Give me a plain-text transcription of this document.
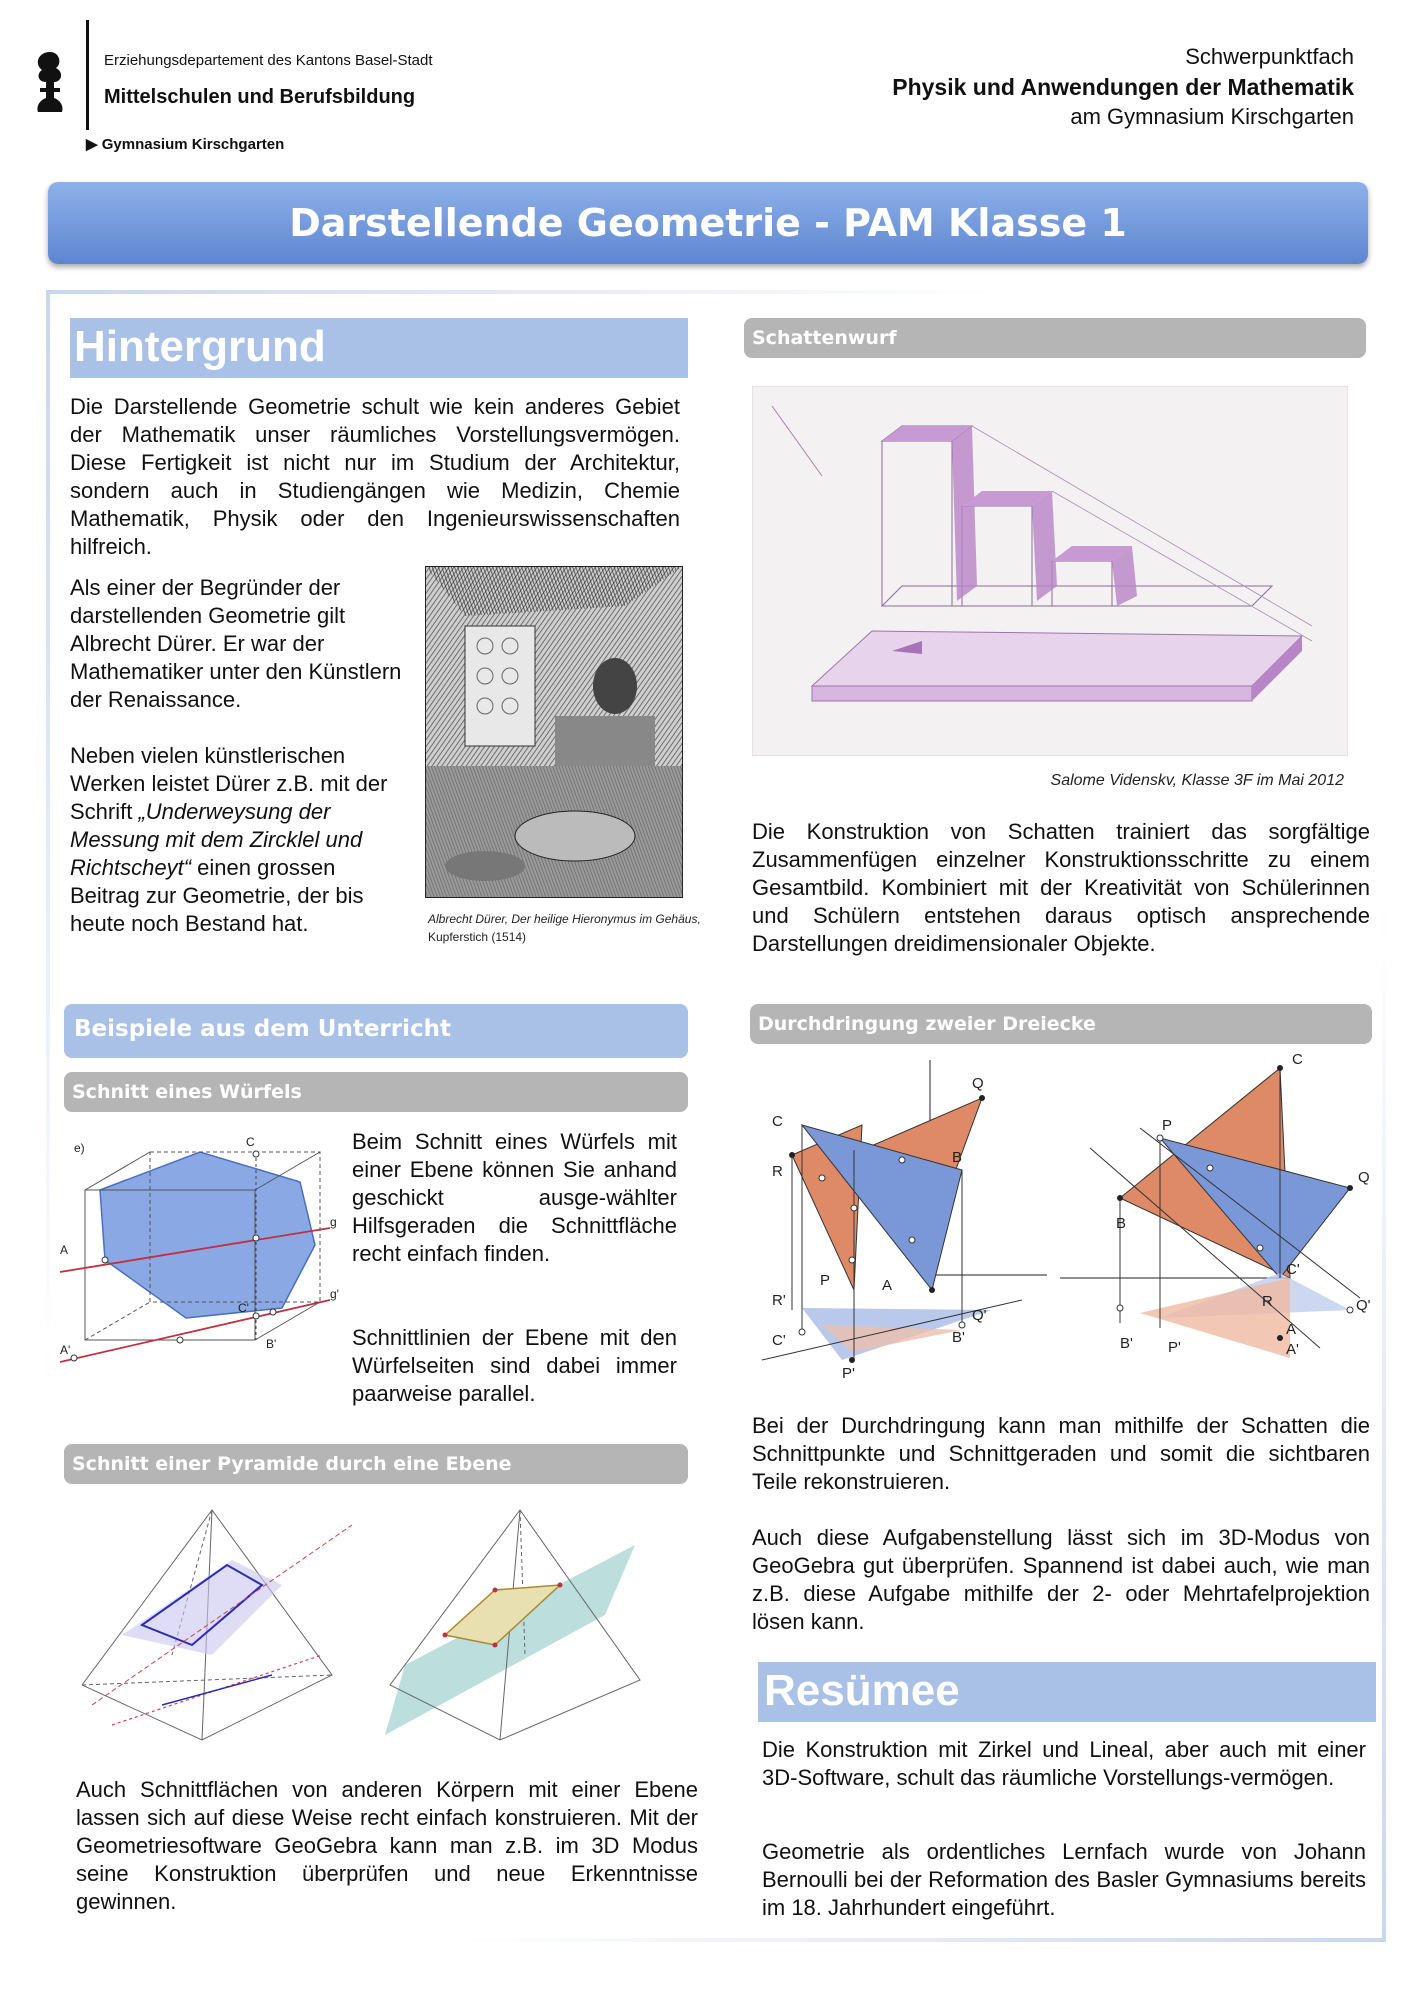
Erziehungsdepartement des Kantons Basel-Stadt
Mittelschulen und Berufsbildung
▶ Gymnasium Kirschgarten
Schwerpunktfach
Physik und Anwendungen der Mathematik
am Gymnasium Kirschgarten
Darstellende Geometrie - PAM Klasse 1
Hintergrund
Die Darstellende Geometrie schult wie kein anderes Gebiet der Mathematik unser räumliches Vorstellungsvermögen. Diese Fertigkeit ist nicht nur im Studium der Architektur, sondern auch in Studiengängen wie Medizin, Chemie Mathematik, Physik oder den Ingenieurswissenschaften hilfreich.
Als einer der Begründer der darstellenden Geometrie gilt Albrecht Dürer. Er war der Mathematiker unter den Künstlern der Renaissance.
Neben vielen künstlerischen Werken leistet Dürer z.B. mit der Schrift „Underweysung der Messung mit dem Zircklel und Richtscheyt“ einen grossen Beitrag zur Geometrie, der bis heute noch Bestand hat.	Albrecht Dürer, Der heilige Hieronymus im Gehäus,
Kupferstich (1514)
Beispiele aus dem Unterricht
Schnitt eines Würfels
e)	C
g
A
C'
g'
A'	B'
Beim Schnitt eines Würfels mit einer Ebene können Sie anhand geschickt ausge-wählter Hilfsgeraden die Schnittfläche recht einfach finden.
Schnittlinien der Ebene mit den Würfelseiten sind dabei immer paarweise parallel.
Schnitt einer Pyramide durch eine Ebene
Auch Schnittflächen von anderen Körpern mit einer Ebene lassen sich auf diese Weise recht einfach konstruieren. Mit der Geometriesoftware GeoGebra kann man z.B. im 3D Modus seine Konstruktion überprüfen und neue Erkenntnisse gewinnen.
Schattenwurf
Salome Videnskv, Klasse 3F im Mai 2012
Die Konstruktion von Schatten trainiert das sorgfältige Zusammenfügen einzelner Konstruktionsschritte zu einem Gesamtbild. Kombiniert mit der Kreativität von Schülerinnen und Schülern entstehen daraus optisch ansprechende Darstellungen dreidimensionaler Objekte.
Durchdringung zweier Dreiecke
Q
C
B
R
P	A
R'
Q'
C'	B'
P'
C
P
Q
B
C'
R	Q'
A
B' P'	A'
Bei der Durchdringung kann man mithilfe der Schatten die Schnittpunkte und Schnittgeraden und somit die sichtbaren Teile rekonstruieren.
Auch diese Aufgabenstellung lässt sich im 3D-Modus von GeoGebra gut überprüfen. Spannend ist dabei auch, wie man z.B. diese Aufgabe mithilfe der 2- oder Mehrtafelprojektion lösen kann.
Resümee
Die Konstruktion mit Zirkel und Lineal, aber auch mit einer 3D-Software, schult das räumliche Vorstellungs-vermögen.
Geometrie als ordentliches Lernfach wurde von Johann Bernoulli bei der Reformation des Basler Gymnasiums bereits im 18. Jahrhundert eingeführt.
